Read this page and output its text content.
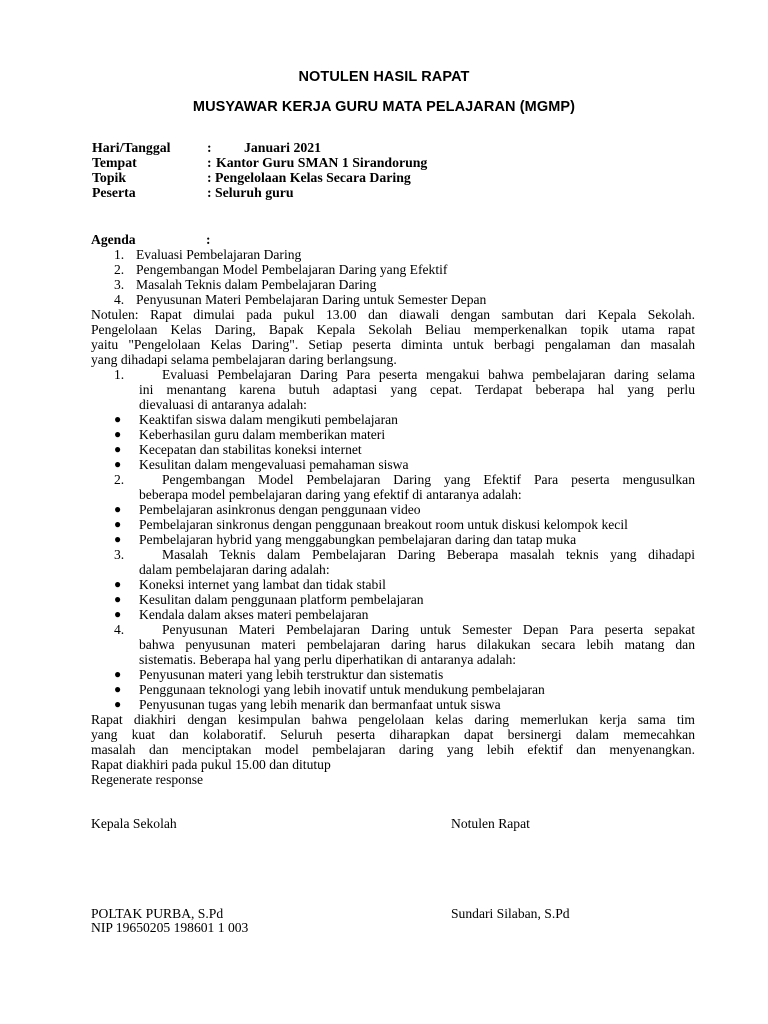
NOTULEN HASIL RAPAT
MUSYAWAR KERJA GURU MATA PELAJARAN (MGMP)
Hari/Tanggal	: Januari 2021
Tempat	: Kantor Guru SMAN 1 Sirandorung
Topik	: Pengelolaan Kelas Secara Daring
Peserta	: Seluruh guru
Agenda	:
1. Evaluasi Pembelajaran Daring
2. Pengembangan Model Pembelajaran Daring yang Efektif
3. Masalah Teknis dalam Pembelajaran Daring
4. Penyusunan Materi Pembelajaran Daring untuk Semester Depan
Notulen: Rapat dimulai pada pukul 13.00 dan diawali dengan sambutan dari Kepala Sekolah.
Pengelolaan Kelas Daring, Bapak Kepala Sekolah Beliau memperkenalkan topik utama rapat
yaitu "Pengelolaan Kelas Daring". Setiap peserta diminta untuk berbagi pengalaman dan masalah
yang dihadapi selama pembelajaran daring berlangsung.
1.	Evaluasi Pembelajaran Daring Para peserta mengakui bahwa pembelajaran daring selama
ini menantang karena butuh adaptasi yang cepat. Terdapat beberapa hal yang perlu
dievaluasi di antaranya adalah:
● Keaktifan siswa dalam mengikuti pembelajaran
● Keberhasilan guru dalam memberikan materi
● Kecepatan dan stabilitas koneksi internet
● Kesulitan dalam mengevaluasi pemahaman siswa
2.	Pengembangan Model Pembelajaran Daring yang Efektif Para peserta mengusulkan
beberapa model pembelajaran daring yang efektif di antaranya adalah:
● Pembelajaran asinkronus dengan penggunaan video
● Pembelajaran sinkronus dengan penggunaan breakout room untuk diskusi kelompok kecil
● Pembelajaran hybrid yang menggabungkan pembelajaran daring dan tatap muka
3.	Masalah Teknis dalam Pembelajaran Daring Beberapa masalah teknis yang dihadapi
dalam pembelajaran daring adalah:
● Koneksi internet yang lambat dan tidak stabil
● Kesulitan dalam penggunaan platform pembelajaran
● Kendala dalam akses materi pembelajaran
4.	Penyusunan Materi Pembelajaran Daring untuk Semester Depan Para peserta sepakat
bahwa penyusunan materi pembelajaran daring harus dilakukan secara lebih matang dan
sistematis. Beberapa hal yang perlu diperhatikan di antaranya adalah:
● Penyusunan materi yang lebih terstruktur dan sistematis
● Penggunaan teknologi yang lebih inovatif untuk mendukung pembelajaran
● Penyusunan tugas yang lebih menarik dan bermanfaat untuk siswa
Rapat diakhiri dengan kesimpulan bahwa pengelolaan kelas daring memerlukan kerja sama tim
yang kuat dan kolaboratif. Seluruh peserta diharapkan dapat bersinergi dalam memecahkan
masalah dan menciptakan model pembelajaran daring yang lebih efektif dan menyenangkan.
Rapat diakhiri pada pukul 15.00 dan ditutup
Regenerate response
Kepala Sekolah	Notulen Rapat
POLTAK PURBA, S.Pd	Sundari Silaban, S.Pd
NIP 19650205 198601 1 003
